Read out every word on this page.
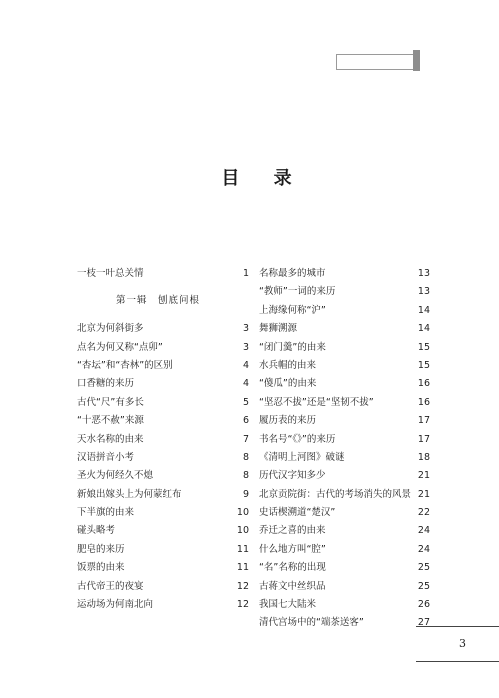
目 录
一枝一叶总关情	1
第一辑　刨底问根
北京为何斜街多	3
点名为何又称“点卯”	3
“杏坛”和“杏林”的区别	4
口香糖的来历	4
古代“尺”有多长	5
“十恶不赦”来源	6
天水名称的由来	7
汉语拼音小考	8
圣火为何经久不熄	8
新娘出嫁头上为何蒙红布	9
下半旗的由来	10
碰头略考	10
肥皂的来历	11
饭票的由来	11
古代帝王的夜宴	12
运动场为何南北向	12
名称最多的城市	13
“教师”一词的来历	13
上海缘何称“沪”	14
舞狮溯源	14
“闭门羹”的由来	15
水兵帽的由来	15
“傻瓜”的由来	16
“坚忍不拔”还是“坚韧不拔”	16
履历表的来历	17
书名号“《》”的来历	17
《清明上河图》破谜	18
历代汉字知多少	21
北京贡院街：古代的考场消失的风景 21
史话楔溯道“楚汉”	22
乔迁之喜的由来	24
什么地方叫“腔”	24
“名”名称的出现	25
古蒋文中丝织品	25
我国七大陆米	26
清代宫场中的“端茶送客”	27
3
